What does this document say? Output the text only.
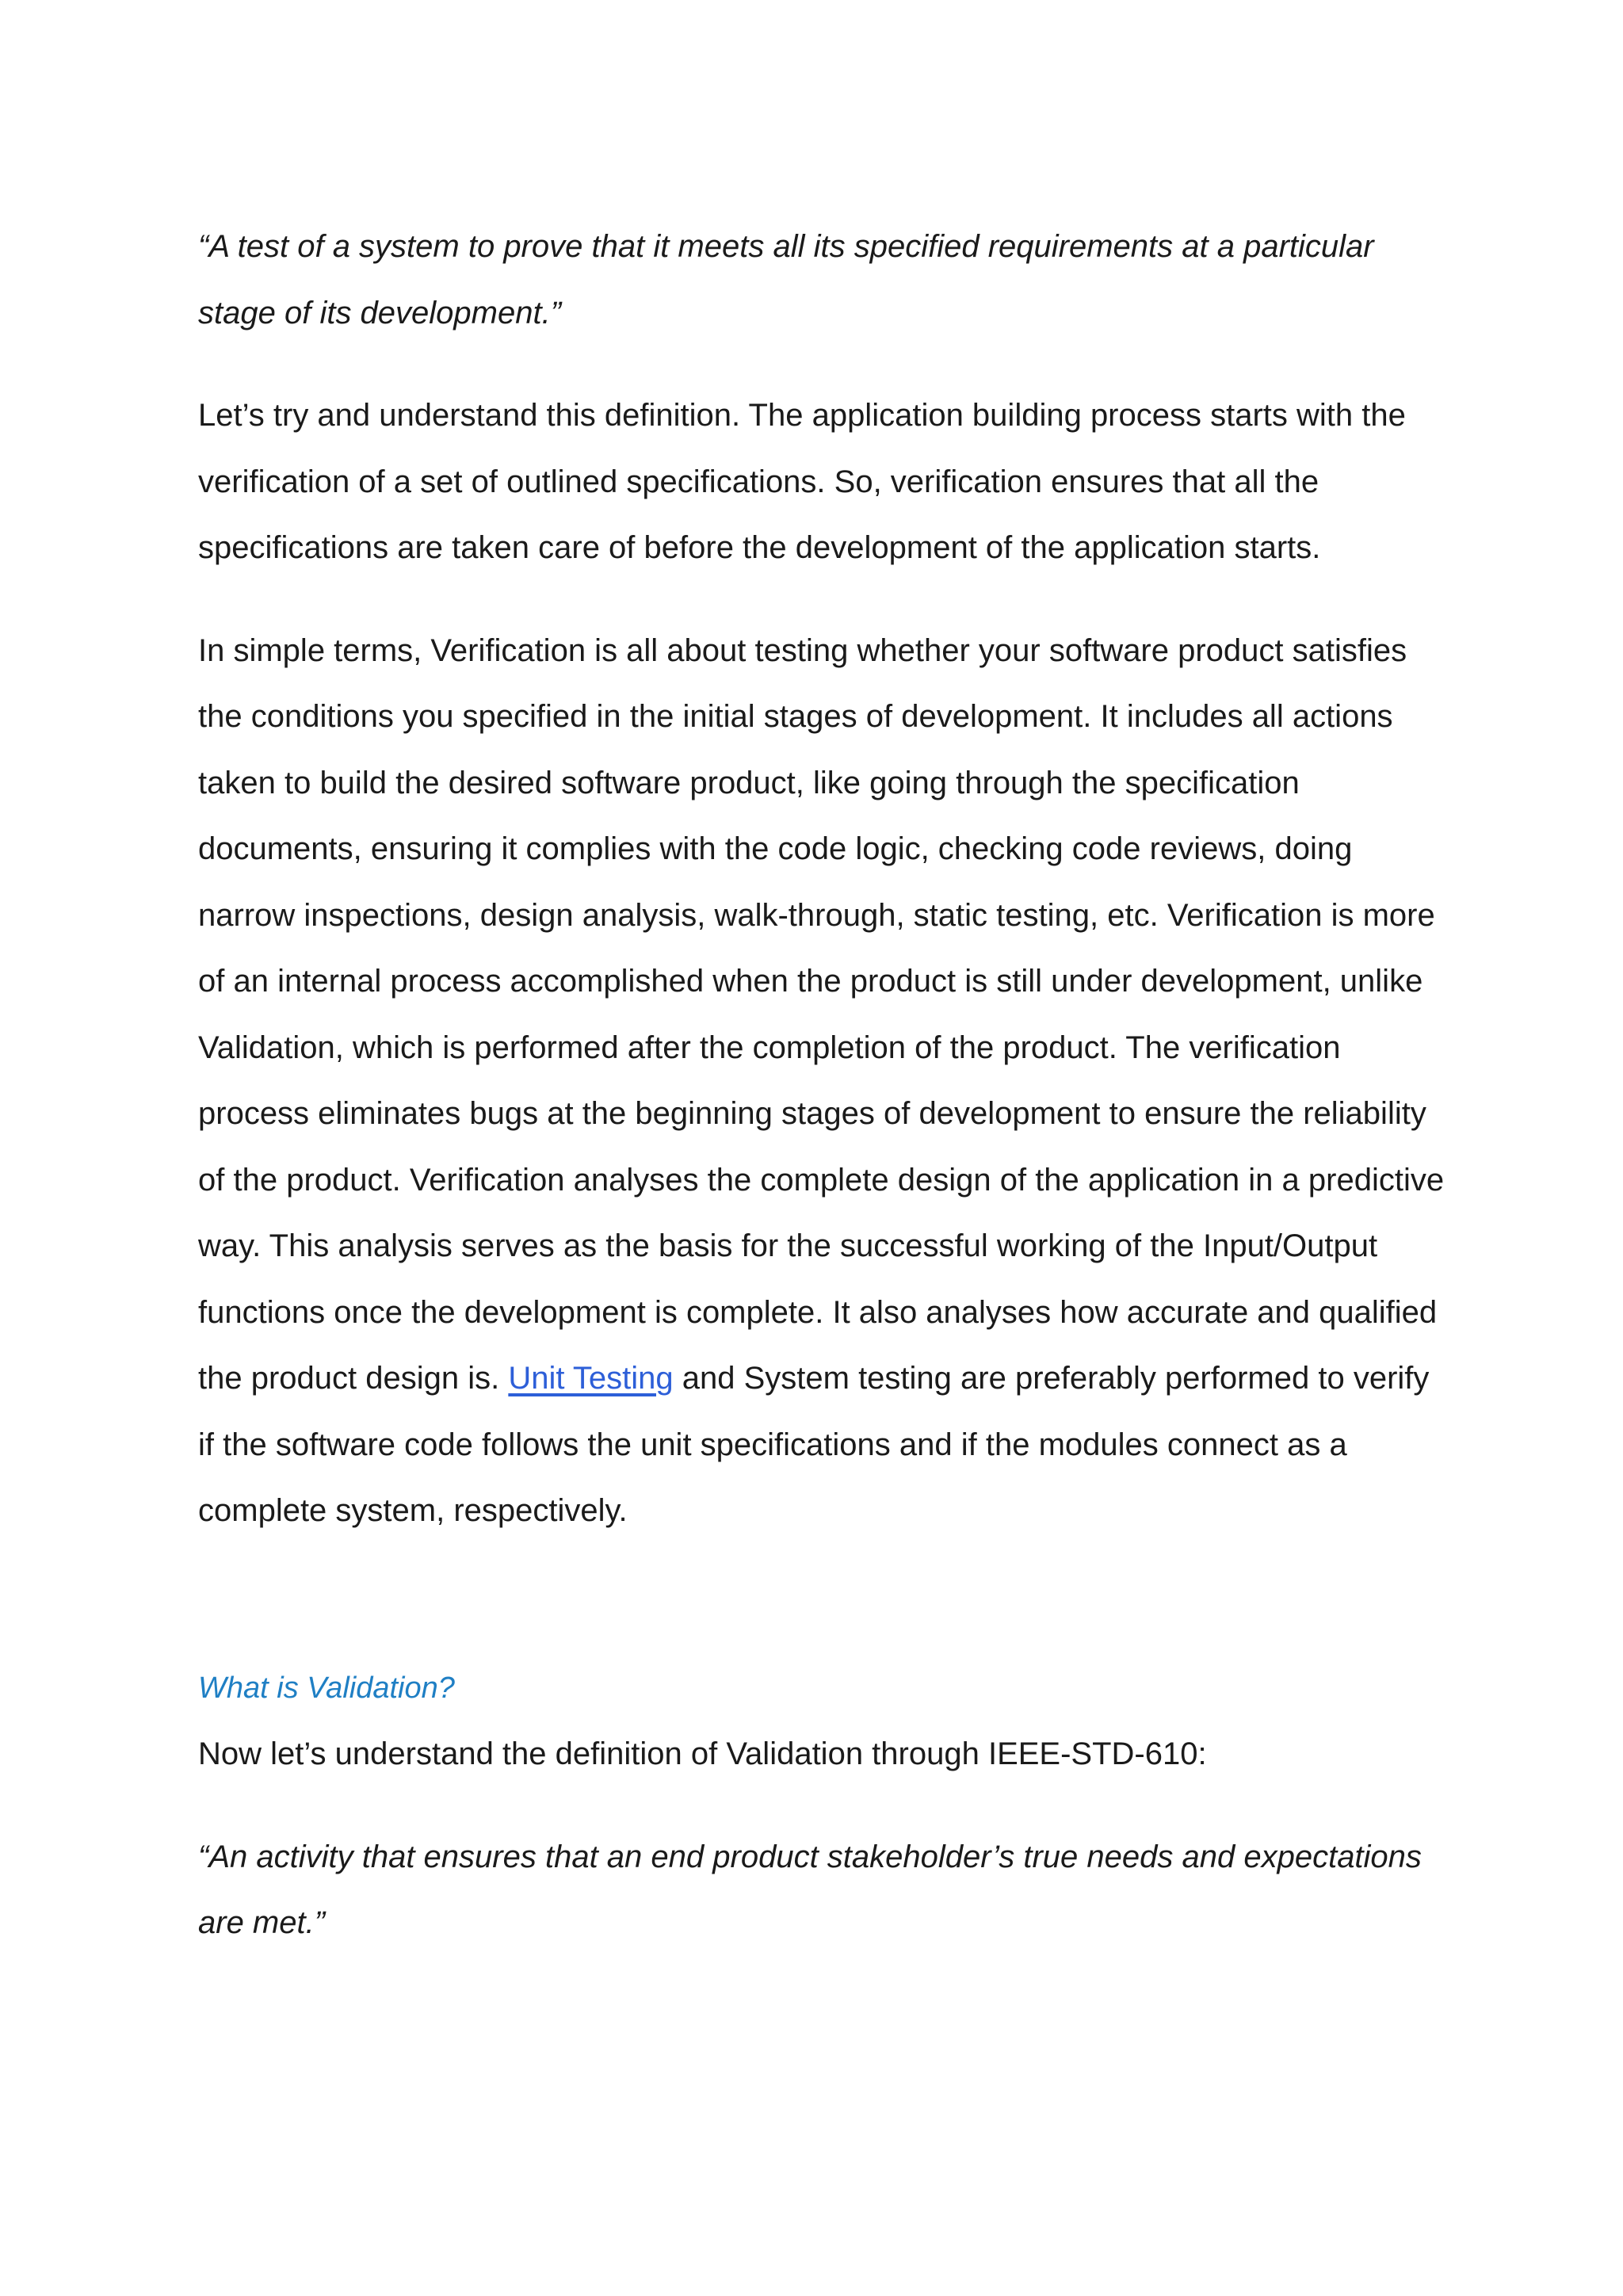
“A test of a system to prove that it meets all its specified requirements at a particular stage of its development.”

Let’s try and understand this definition. The application building process starts with the verification of a set of outlined specifications. So, verification ensures that all the specifications are taken care of before the development of the application starts.

In simple terms, Verification is all about testing whether your software product satisfies the conditions you specified in the initial stages of development. It includes all actions taken to build the desired software product, like going through the specification documents, ensuring it complies with the code logic, checking code reviews, doing narrow inspections, design analysis, walk-through, static testing, etc. Verification is more of an internal process accomplished when the product is still under development, unlike Validation, which is performed after the completion of the product. The verification process eliminates bugs at the beginning stages of development to ensure the reliability of the product. Verification analyses the complete design of the application in a predictive way. This analysis serves as the basis for the successful working of the Input/Output functions once the development is complete. It also analyses how accurate and qualified the product design is. Unit Testing and System testing are preferably performed to verify if the software code follows the unit specifications and if the modules connect as a complete system, respectively.

What is Validation?

Now let’s understand the definition of Validation through IEEE-STD-610:

“An activity that ensures that an end product stakeholder’s true needs and expectations are met.”
